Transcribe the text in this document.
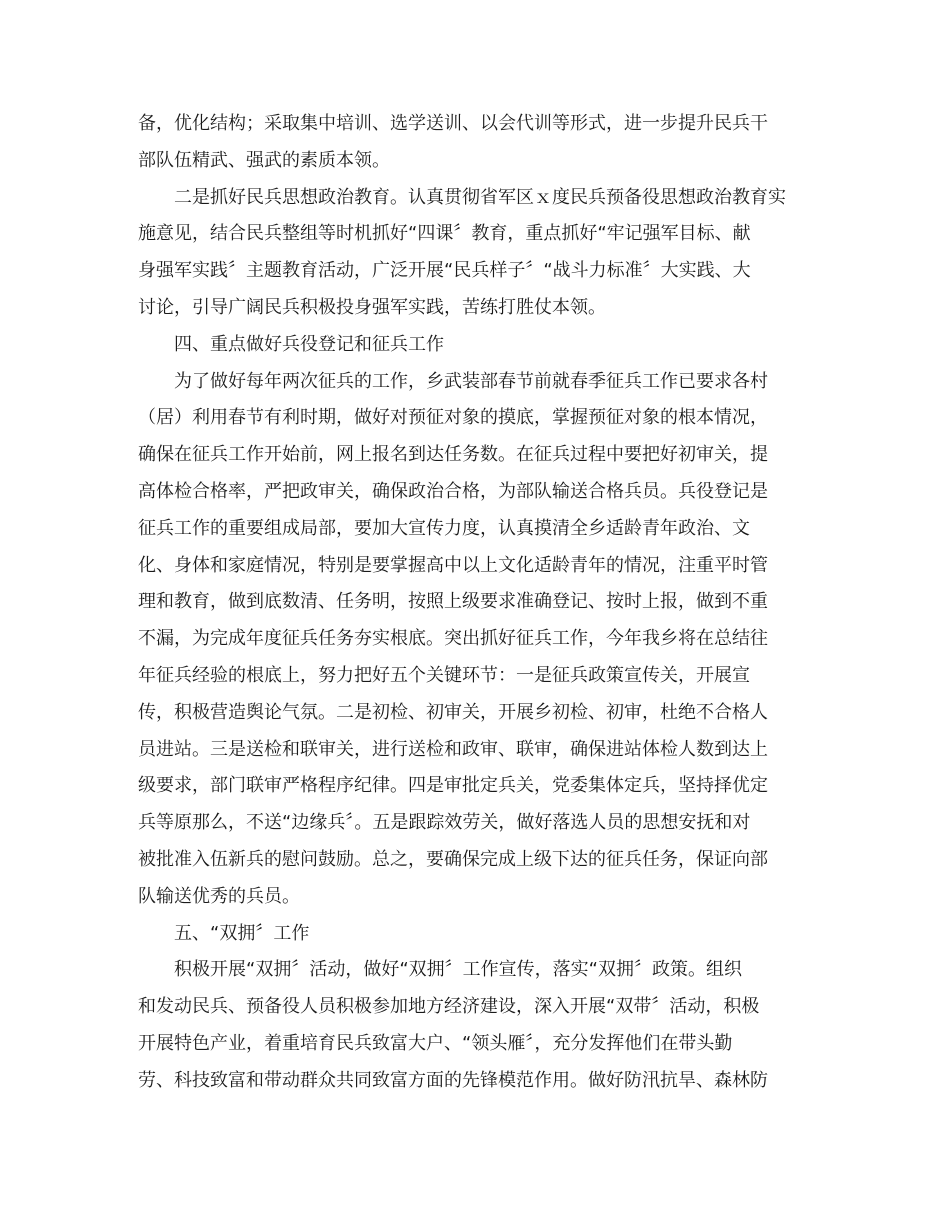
备，优化结构；采取集中培训、选学送训、以会代训等形式，进一步提升民兵干
部队伍精武、强武的素质本领。
二是抓好民兵思想政治教育。认真贯彻省军区ｘ度民兵预备役思想政治教育实
施意见，结合民兵整组等时机抓好“四课〞教育，重点抓好“牢记强军目标、献
身强军实践〞主题教育活动，广泛开展“民兵样子〞“战斗力标准〞大实践、大
讨论，引导广阔民兵积极投身强军实践，苦练打胜仗本领。
四、重点做好兵役登记和征兵工作
为了做好每年两次征兵的工作，乡武装部春节前就春季征兵工作已要求各村
（居）利用春节有利时期，做好对预征对象的摸底，掌握预征对象的根本情况，
确保在征兵工作开始前，网上报名到达任务数。在征兵过程中要把好初审关，提
高体检合格率，严把政审关，确保政治合格，为部队输送合格兵员。兵役登记是
征兵工作的重要组成局部，要加大宣传力度，认真摸清全乡适龄青年政治、文
化、身体和家庭情况，特别是要掌握高中以上文化适龄青年的情况，注重平时管
理和教育，做到底数清、任务明，按照上级要求准确登记、按时上报，做到不重
不漏，为完成年度征兵任务夯实根底。突出抓好征兵工作，今年我乡将在总结往
年征兵经验的根底上，努力把好五个关键环节：一是征兵政策宣传关，开展宣
传，积极营造舆论气氛。二是初检、初审关，开展乡初检、初审，杜绝不合格人
员进站。三是送检和联审关，进行送检和政审、联审，确保进站体检人数到达上
级要求，部门联审严格程序纪律。四是审批定兵关，党委集体定兵，坚持择优定
兵等原那么，不送“边缘兵〞。五是跟踪效劳关，做好落选人员的思想安抚和对
被批准入伍新兵的慰问鼓励。总之，要确保完成上级下达的征兵任务，保证向部
队输送优秀的兵员。
五、“双拥〞工作
积极开展“双拥〞活动，做好“双拥〞工作宣传，落实“双拥〞政策。组织
和发动民兵、预备役人员积极参加地方经济建设，深入开展“双带〞活动，积极
开展特色产业，着重培育民兵致富大户、“领头雁〞，充分发挥他们在带头勤
劳、科技致富和带动群众共同致富方面的先锋模范作用。做好防汛抗旱、森林防
